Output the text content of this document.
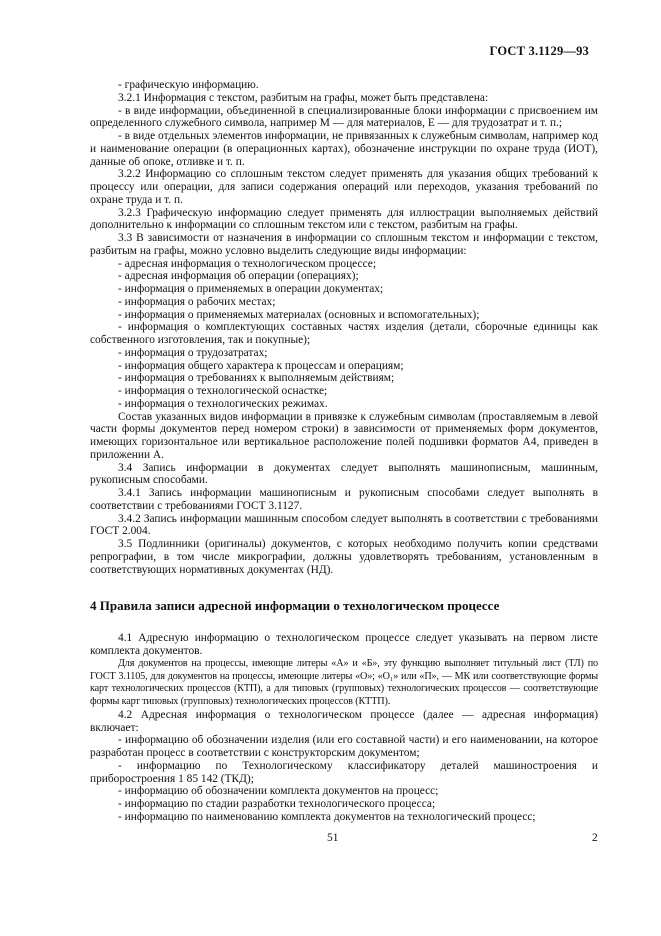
ГОСТ 3.1129—93

- графическую информацию.

3.2.1 Информация с текстом, разбитым на графы, может быть представлена:

- в виде информации, объединенной в специализированные блоки информации с присвоением им определенного служебного символа, например М — для материалов, Е — для трудозатрат и т. п.;

- в виде отдельных элементов информации, не привязанных к служебным символам, например код и наименование операции (в операционных картах), обозначение инструкции по охране труда (ИОТ), данные об опоке, отливке и т. п.

3.2.2 Информацию со сплошным текстом следует применять для указания общих требований к процессу или операции, для записи содержания операций или переходов, указания требований по охране труда и т. п.

3.2.3 Графическую информацию следует применять для иллюстрации выполняемых действий дополнительно к информации со сплошным текстом или с текстом, разбитым на графы.

3.3 В зависимости от назначения в информации со сплошным текстом и информации с текстом, разбитым на графы, можно условно выделить следующие виды информации:

- адресная информация о технологическом процессе;

- адресная информация об операции (операциях);

- информация о применяемых в операции документах;

- информация о рабочих местах;

- информация о применяемых материалах (основных и вспомогательных);

- информация о комплектующих составных частях изделия (детали, сборочные единицы как собственного изготовления, так и покупные);

- информация о трудозатратах;

- информация общего характера к процессам и операциям;

- информация о требованиях к выполняемым действиям;

- информация о технологической оснастке;

- информация о технологических режимах.

Состав указанных видов информации в привязке к служебным символам (проставляемым в левой части формы документов перед номером строки) в зависимости от применяемых форм документов, имеющих горизонтальное или вертикальное расположение полей подшивки форматов А4, приведен в приложении А.

3.4 Запись информации в документах следует выполнять машинописным, машинным, рукописным способами.

3.4.1 Запись информации машинописным и рукописным способами следует выполнять в соответствии с требованиями ГОСТ 3.1127.

3.4.2 Запись информации машинным способом следует выполнять в соответствии с требованиями ГОСТ 2.004.

3.5 Подлинники (оригиналы) документов, с которых необходимо получить копии средствами репрографии, в том числе микрографии, должны удовлетворять требованиям, установленным в соответствующих нормативных документах (НД).

4 Правила записи адресной информации о технологическом процессе

4.1 Адресную информацию о технологическом процессе следует указывать на первом листе комплекта документов.

Для документов на процессы, имеющие литеры «А» и «Б», эту функцию выполняет титульный лист (ТЛ) по ГОСТ 3.1105, для документов на процессы, имеющие литеры «О»; «О₁» или «П», — МК или соответствующие формы карт технологических процессов (КТП), а для типовых (групповых) технологических процессов — соответствующие формы карт типовых (групповых) технологических процессов (КТТП).

4.2 Адресная информация о технологическом процессе (далее — адресная информация) включает:

- информацию об обозначении изделия (или его составной части) и его наименовании, на которое разработан процесс в соответствии с конструкторским документом;

- информацию по Технологическому классификатору деталей машиностроения и приборостроения 1 85 142 (ТКД);

- информацию об обозначении комплекта документов на процесс;

- информацию по стадии разработки технологического процесса;

- информацию по наименованию комплекта документов на технологический процесс;

51	2
